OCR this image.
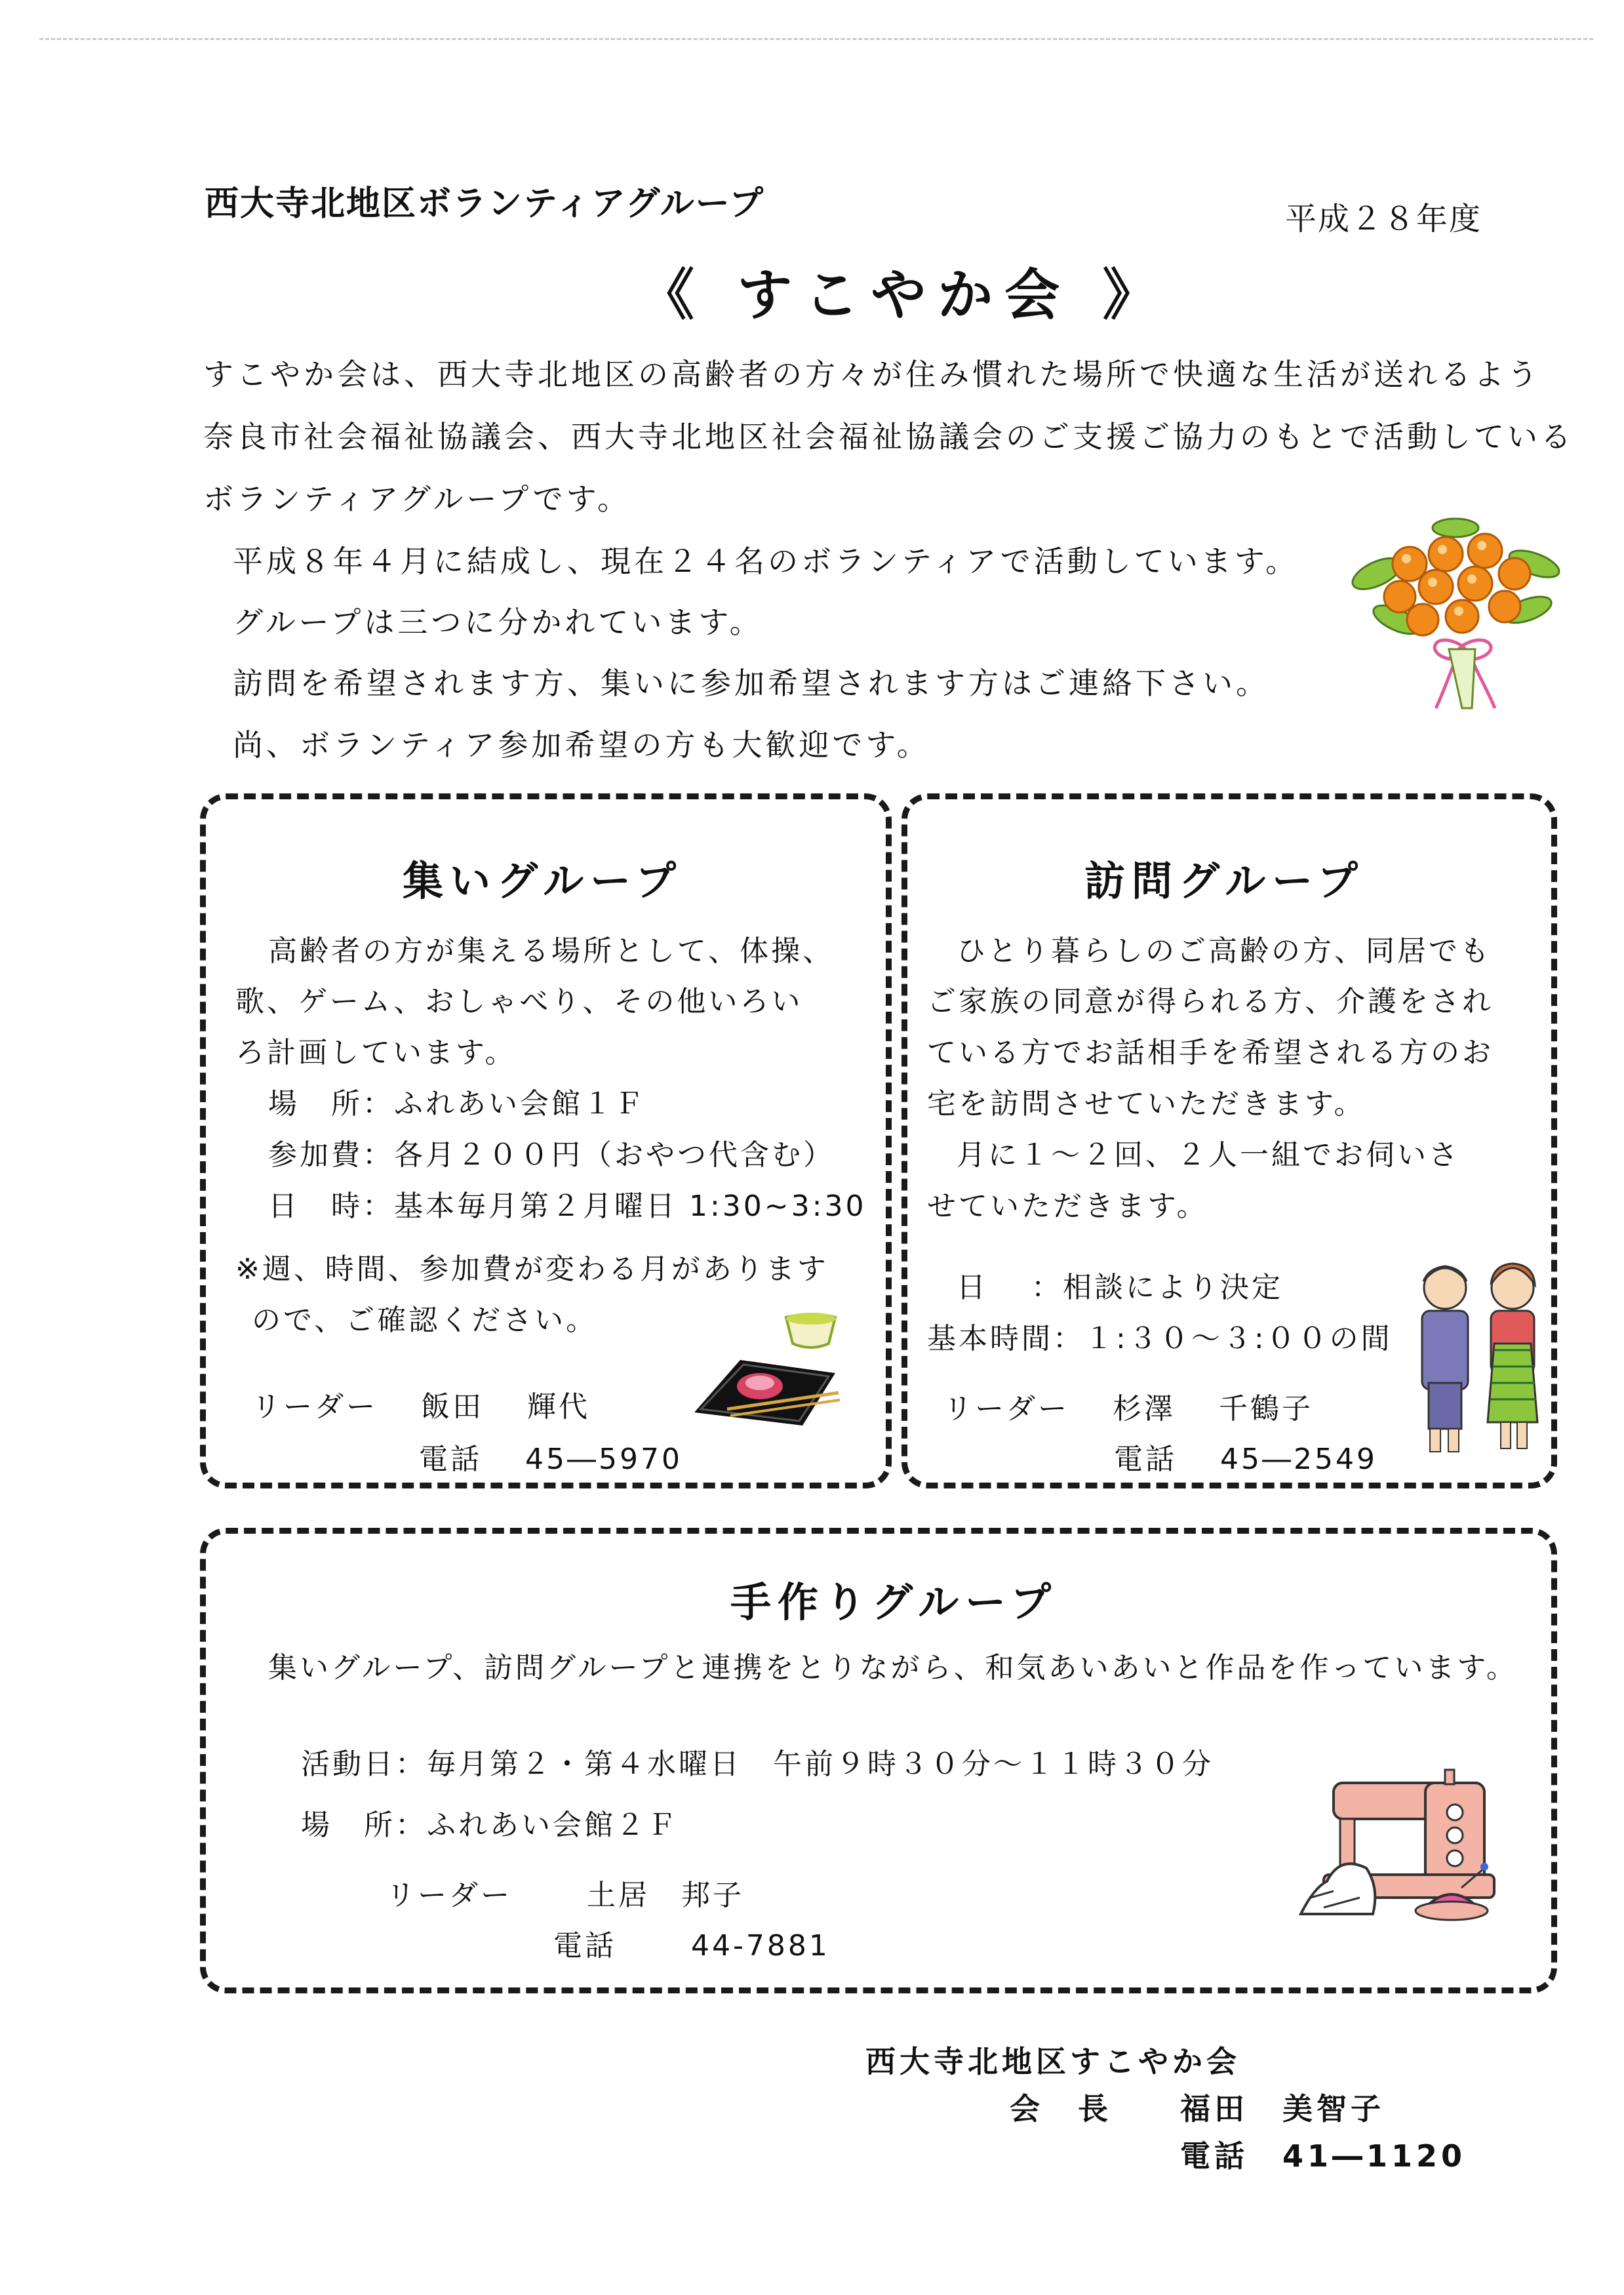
西大寺北地区ボランティアグループ	平成２８年度
《 すこやか会 》

すこやか会は、西大寺北地区の高齢者の方々が住み慣れた場所で快適な生活が送れるよう

奈良市社会福祉協議会、西大寺北地区社会福祉協議会のご支援ご協力のもとで活動している

ボランティアグループです。

平成８年４月に結成し、現在２４名のボランティアで活動しています。

グループは三つに分かれています。

訪問を希望されます方、集いに参加希望されます方はご連絡下さい。

尚、ボランティア参加希望の方も大歓迎です。

集いグループ
高齢者の方が集える場所として、体操、
歌、ゲーム、おしゃべり、その他いろい
ろ計画しています。
場　所：ふれあい会館１Ｆ
参加費：各月２００円（おやつ代含む）
日　時：基本毎月第２月曜日 1:30~3:30
※週、時間、参加費が変わる月があります
ので、ご確認ください。
リーダー　 飯田　 輝代
電話　 45―5970
訪問グループ
ひとり暮らしのご高齢の方、同居でも
ご家族の同意が得られる方、介護をされ
ている方でお話相手を希望される方のお
宅を訪問させていただきます。
月に１～２回、２人一組でお伺いさ
せていただきます。
日　 ：相談により決定
基本時間：１:３０～３:００の間
リーダー　 杉澤　 千鶴子
電話　 45―2549
手作りグループ
集いグループ、訪問グループと連携をとりながら、和気あいあいと作品を作っています。
活動日：毎月第２・第４水曜日　午前９時３０分～１１時３０分
場　所：ふれあい会館２Ｆ
リーダー　　 土居　邦子
電話　　 44-7881
西大寺北地区すこやか会
会　長　　福田　美智子
電話　41―1120
